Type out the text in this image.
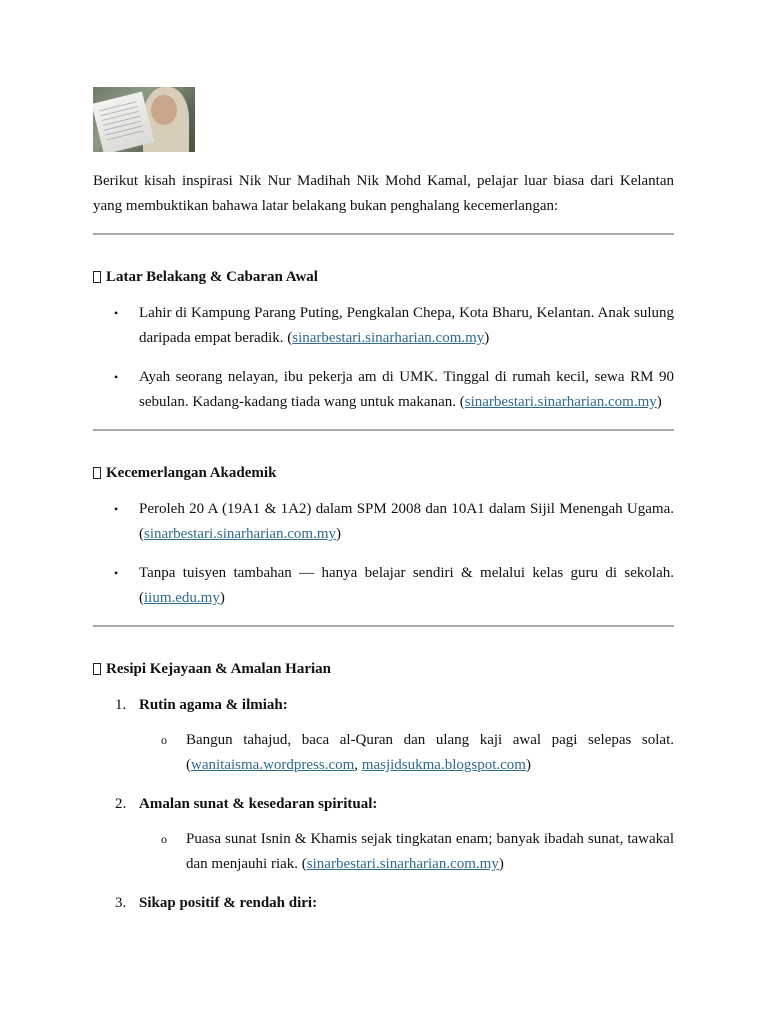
Berikut kisah inspirasi Nik Nur Madihah Nik Mohd Kamal, pelajar luar biasa dari Kelantan yang membuktikan bahawa latar belakang bukan penghalang kecemerlangan:

Latar Belakang & Cabaran Awal
• Lahir di Kampung Parang Puting, Pengkalan Chepa, Kota Bharu, Kelantan. Anak sulung daripada empat beradik. (sinarbestari.sinarharian.com.my)
• Ayah seorang nelayan, ibu pekerja am di UMK. Tinggal di rumah kecil, sewa RM 90 sebulan. Kadang-kadang tiada wang untuk makanan. (sinarbestari.sinarharian.com.my)
Kecemerlangan Akademik
• Peroleh 20 A (19A1 & 1A2) dalam SPM 2008 dan 10A1 dalam Sijil Menengah Ugama. (sinarbestari.sinarharian.com.my)
• Tanpa tuisyen tambahan — hanya belajar sendiri & melalui kelas guru di sekolah. (iium.edu.my)
Resipi Kejayaan & Amalan Harian
1. Rutin agama & ilmiah:
o Bangun tahajud, baca al-Quran dan ulang kaji awal pagi selepas solat. (wanitaisma.wordpress.com, masjidsukma.blogspot.com)
2. Amalan sunat & kesedaran spiritual:
o Puasa sunat Isnin & Khamis sejak tingkatan enam; banyak ibadah sunat, tawakal dan menjauhi riak. (sinarbestari.sinarharian.com.my)
3. Sikap positif & rendah diri:
